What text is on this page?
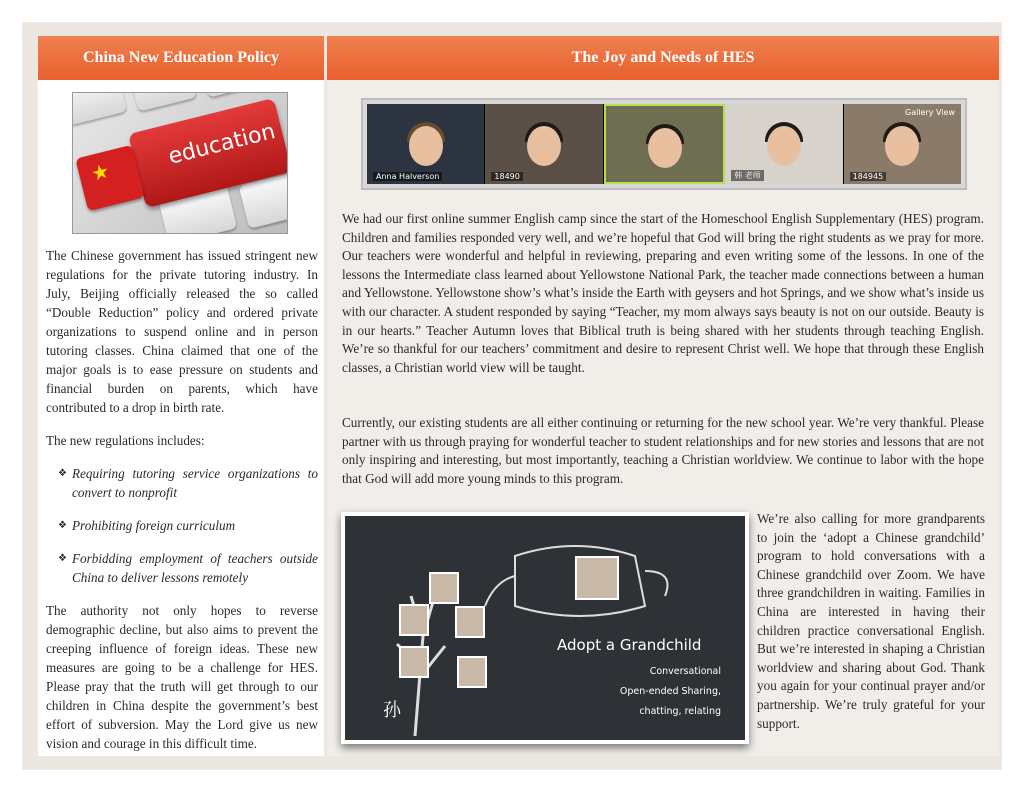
China New Education Policy
education
★

The Chinese government has issued stringent new regulations for the private tutoring industry. In July, Beijing officially released the so called “Double Reduction” policy and ordered private organizations to suspend online and in person tutoring classes. China claimed that one of the major goals is to ease pressure on students and financial burden on parents, which have contributed to a drop in birth rate.

The new regulations includes:

❖ Requiring tutoring service organizations to convert to nonprofit
❖ Prohibiting foreign curriculum
❖ Forbidding employment of teachers outside China to deliver lessons remotely

The authority not only hopes to reverse demographic decline, but also aims to prevent the creeping influence of foreign ideas. These new measures are going to be a challenge for HES. Please pray that the truth will get through to our children in China despite the government’s best effort of subversion. May the Lord give us new vision and courage in this difficult time.

The Joy and Needs of HES
Anna Halverson	18490	韩 老师	184945
Gallery View

We had our first online summer English camp since the start of the Homeschool English Supplementary (HES) program. Children and families responded very well, and we’re hopeful that God will bring the right students as we pray for more. Our teachers were wonderful and helpful in reviewing, preparing and even writing some of the lessons. In one of the lessons the Intermediate class learned about Yellowstone National Park, the teacher made connections between a human and Yellowstone. Yellowstone show’s what’s inside the Earth with geysers and hot Springs, and we show what’s inside us with our character. A student responded by saying “Teacher, my mom always says beauty is not on our outside. Beauty is in our hearts.” Teacher Autumn loves that Biblical truth is being shared with her students through teaching English. We’re so thankful for our teachers’ commitment and desire to represent Christ well. We hope that through these English classes, a Christian world view will be taught.

Currently, our existing students are all either continuing or returning for the new school year. We’re very thankful. Please partner with us through praying for wonderful teacher to student relationships and for new stories and lessons that are not only inspiring and interesting, but most importantly, teaching a Christian worldview. We continue to labor with the hope that God will add more young minds to this program.

Adopt a Grandchild
Conversational
Open-ended Sharing,
chatting, relating
孙

We’re also calling for more grandparents to join the ‘adopt a Chinese grandchild’ program to hold conversations with a Chinese grandchild over Zoom. We have three grandchildren in waiting. Families in China are interested in having their children practice conversational English. But we’re interested in shaping a Christian worldview and sharing about God. Thank you again for your continual prayer and/or partnership. We’re truly grateful for your support.
